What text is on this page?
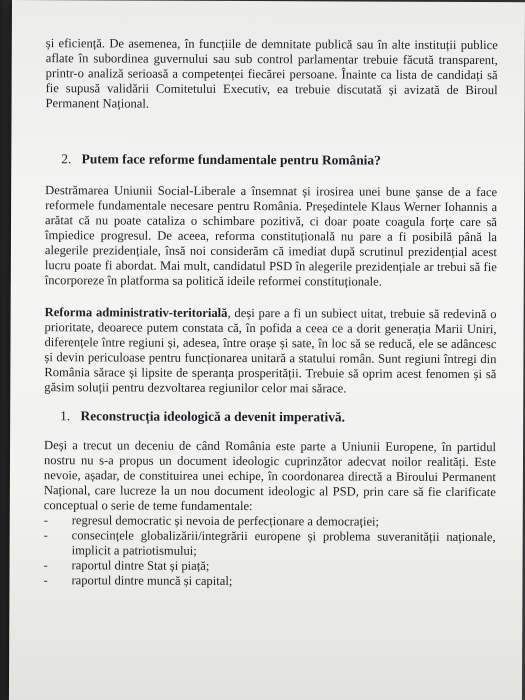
și eficiență. De asemenea, în funcțiile de demnitate publică sau în alte instituții publice aflate în subordinea guvernului sau sub control parlamentar trebuie făcută transparent, printr-o analiză serioasă a competenței fiecărei persoane. Înainte ca lista de candidați să fie supusă validării Comitetului Executiv, ea trebuie discutată și avizată de Biroul Permanent Național.

2. Putem face reforme fundamentale pentru România?

Destrămarea Uniunii Social-Liberale a însemnat și irosirea unei bune șanse de a face reformele fundamentale necesare pentru România. Președintele Klaus Werner Iohannis a arătat că nu poate cataliza o schimbare pozitivă, ci doar poate coagula forțe care să împiedice progresul. De aceea, reforma constituțională nu pare a fi posibilă până la alegerile prezidențiale, însă noi considerăm că imediat după scrutinul prezidențial acest lucru poate fi abordat. Mai mult, candidatul PSD în alegerile prezidențiale ar trebui să fie încorporeze în platforma sa politică ideile reformei constituționale.

Reforma administrativ-teritorială, deși pare a fi un subiect uitat, trebuie să redevină o prioritate, deoarece putem constata că, în pofida a ceea ce a dorit generația Marii Uniri, diferențele între regiuni și, adesea, între orașe și sate, în loc să se reducă, ele se adâncesc și devin periculoase pentru funcționarea unitară a statului român. Sunt regiuni întregi din România sărace și lipsite de speranța prosperității. Trebuie să oprim acest fenomen și să găsim soluții pentru dezvoltarea regiunilor celor mai sărace.

1. Reconstrucția ideologică a devenit imperativă.

Deși a trecut un deceniu de când România este parte a Uniunii Europene, în partidul nostru nu s-a propus un document ideologic cuprinzător adecvat noilor realități. Este nevoie, așadar, de constituirea unei echipe, în coordonarea directă a Biroului Permanent Național, care lucreze la un nou document ideologic al PSD, prin care să fie clarificate conceptual o serie de teme fundamentale:

- regresul democratic și nevoia de perfecționare a democrației;
- consecințele globalizării/integrării europene și problema suveranității naționale, implicit a patriotismului;
- raportul dintre Stat și piață;
- raportul dintre muncă și capital;
